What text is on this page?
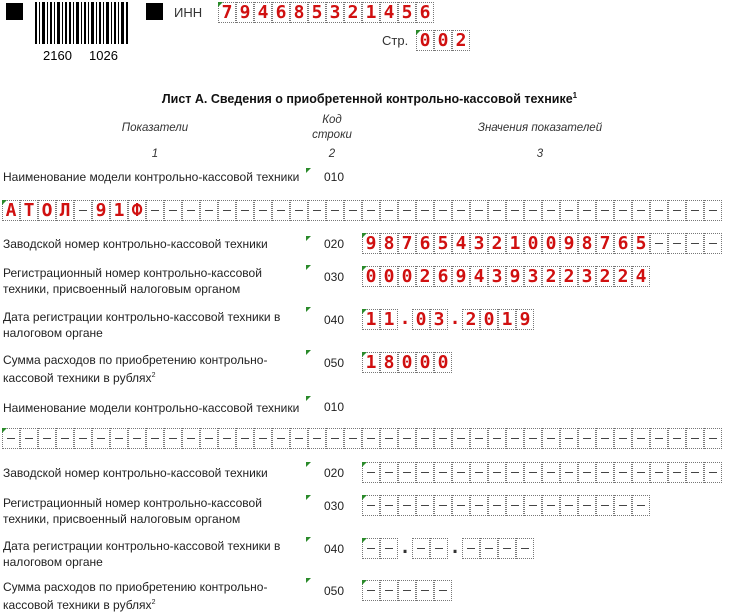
2160 1026
ИНН 7 9 4 6 8 5 3 2 1 4 5 6
Стр. 0 0 2
Лист А. Сведения о приобретенной контрольно-кассовой технике$^1$
Показатели
Код
строки
Значения показателей
1	2	3
Наименование модели контрольно-кассовой техники 010
А Т О Л 9 1 Ф
Заводской номер контрольно-кассовой техники	020 9 8 7 6 5 4 3 2 1 0 0 9 8 7 6 5
Регистрационный номер контрольно-кассовой
техники, присвоенный налоговым органом
030 0 0 0 2 6 9 4 3 9 3 2 2 3 2 2 4
Дата регистрации контрольно-кассовой техники в
налоговом органе
040 1 1 . 0 3 . 2 0 1 9
Сумма расходов по приобретению контрольно-
кассовой техники в рублях$^2$
050 1 8 0 0 0
Наименование модели контрольно-кассовой техники 010
Заводской номер контрольно-кассовой техники	020
Регистрационный номер контрольно-кассовой
техники, присвоенный налоговым органом
030
Дата регистрации контрольно-кассовой техники в
налоговом органе
040	. .
Сумма расходов по приобретению контрольно-
кассовой техники в рублях$^2$
050
